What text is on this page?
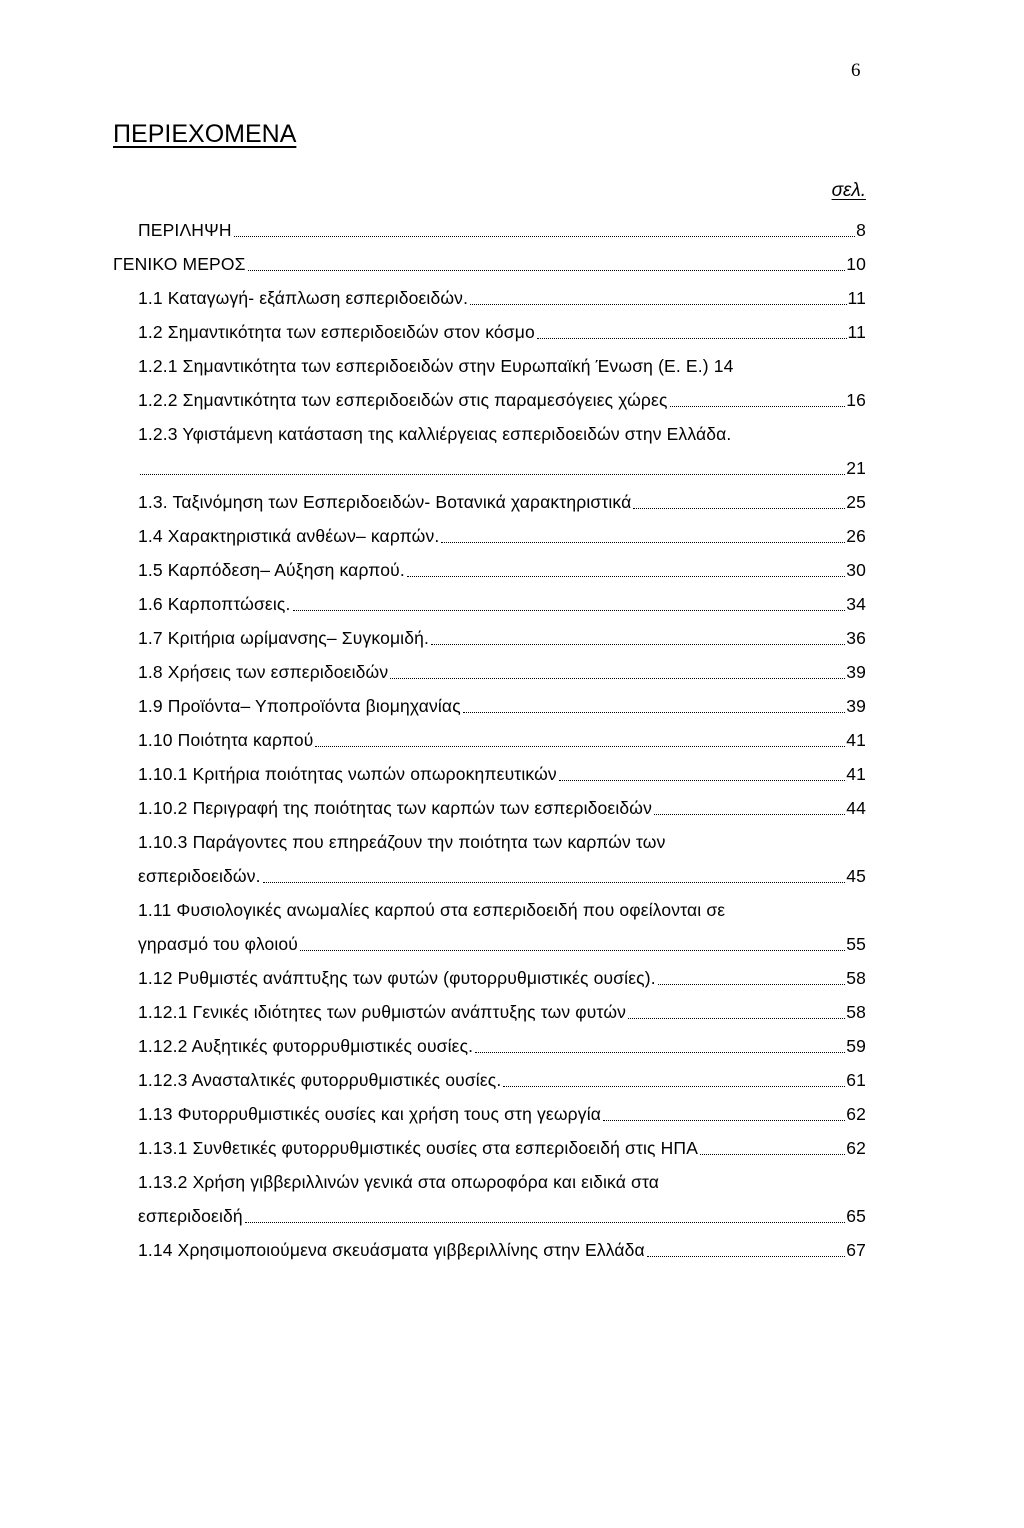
6
ΠΕΡΙΕΧΟΜΕΝΑ
σελ.
ΠΕΡΙΛΗΨΗ	8
ΓΕΝΙΚΟ ΜΕΡΟΣ	10
1.1 Καταγωγή- εξάπλωση εσπεριδοειδών.	11
1.2 Σημαντικότητα των εσπεριδοειδών στον κόσμο	11
1.2.1 Σημαντικότητα των εσπεριδοειδών στην Ευρωπαϊκή Ένωση (Ε. Ε.) 14
1.2.2 Σημαντικότητα των εσπεριδοειδών στις παραμεσόγειες χώρες	16
1.2.3 Υφιστάμενη κατάσταση της καλλιέργειας εσπεριδοειδών στην Ελλάδα.
21
1.3. Ταξινόμηση των Εσπεριδοειδών- Βοτανικά χαρακτηριστικά	25
1.4 Χαρακτηριστικά ανθέων– καρπών.	26
1.5 Καρπόδεση– Αύξηση καρπού.	30
1.6 Καρποπτώσεις.	34
1.7 Κριτήρια ωρίμανσης– Συγκομιδή.	36
1.8 Χρήσεις των εσπεριδοειδών	39
1.9 Προϊόντα– Υποπροϊόντα βιομηχανίας	39
1.10 Ποιότητα καρπού	41
1.10.1 Κριτήρια ποιότητας νωπών οπωροκηπευτικών	41
1.10.2 Περιγραφή της ποιότητας των καρπών των εσπεριδοειδών	44
1.10.3 Παράγοντες που επηρεάζουν την ποιότητα των καρπών των
εσπεριδοειδών.	45
1.11 Φυσιολογικές ανωμαλίες καρπού στα εσπεριδοειδή που οφείλονται σε
γηρασμό του φλοιού	55
1.12 Ρυθμιστές ανάπτυξης των φυτών (φυτορρυθμιστικές ουσίες).	58
1.12.1 Γενικές ιδιότητες των ρυθμιστών ανάπτυξης των φυτών	58
1.12.2 Αυξητικές φυτορρυθμιστικές ουσίες.	59
1.12.3 Ανασταλτικές φυτορρυθμιστικές ουσίες.	61
1.13 Φυτορρυθμιστικές ουσίες και χρήση τους στη γεωργία	62
1.13.1 Συνθετικές φυτορρυθμιστικές ουσίες στα εσπεριδοειδή στις ΗΠΑ	62
1.13.2 Χρήση γιββεριλλινών γενικά στα οπωροφόρα και ειδικά στα
εσπεριδοειδή	65
1.14 Χρησιμοποιούμενα σκευάσματα γιββεριλλίνης στην Ελλάδα	67
